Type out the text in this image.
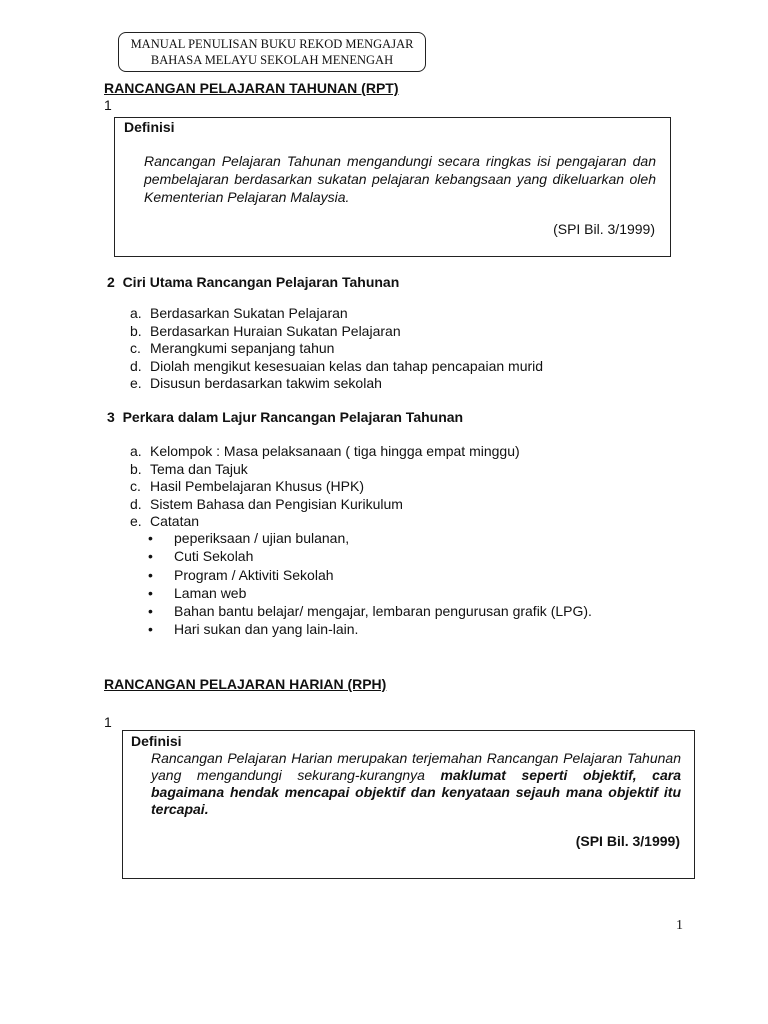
MANUAL PENULISAN BUKU REKOD MENGAJAR
BAHASA MELAYU SEKOLAH MENENGAH
RANCANGAN PELAJARAN TAHUNAN (RPT)
1
Definisi
Rancangan Pelajaran Tahunan mengandungi secara ringkas isi pengajaran dan pembelajaran berdasarkan sukatan pelajaran kebangsaan yang dikeluarkan oleh Kementerian Pelajaran Malaysia.
(SPI Bil. 3/1999)
2  Ciri Utama Rancangan Pelajaran Tahunan
a. Berdasarkan Sukatan Pelajaran
b. Berdasarkan Huraian Sukatan Pelajaran
c. Merangkumi sepanjang tahun
d. Diolah mengikut kesesuaian kelas dan tahap pencapaian murid
e. Disusun berdasarkan takwim sekolah
3  Perkara dalam Lajur Rancangan Pelajaran Tahunan
a. Kelompok : Masa pelaksanaan ( tiga hingga empat minggu)
b. Tema dan Tajuk
c. Hasil Pembelajaran Khusus (HPK)
d. Sistem Bahasa dan Pengisian Kurikulum
e. Catatan
•	peperiksaan / ujian bulanan,
•	Cuti Sekolah
•	Program / Aktiviti Sekolah
•	Laman web
•	Bahan bantu belajar/ mengajar, lembaran pengurusan grafik (LPG).
•	Hari sukan dan yang lain-lain.
RANCANGAN PELAJARAN HARIAN (RPH)
1
Definisi
Rancangan Pelajaran Harian merupakan terjemahan Rancangan Pelajaran Tahunan yang mengandungi sekurang-kurangnya maklumat seperti objektif, cara bagaimana hendak mencapai objektif dan kenyataan sejauh mana objektif itu tercapai.
(SPI Bil. 3/1999)
1
